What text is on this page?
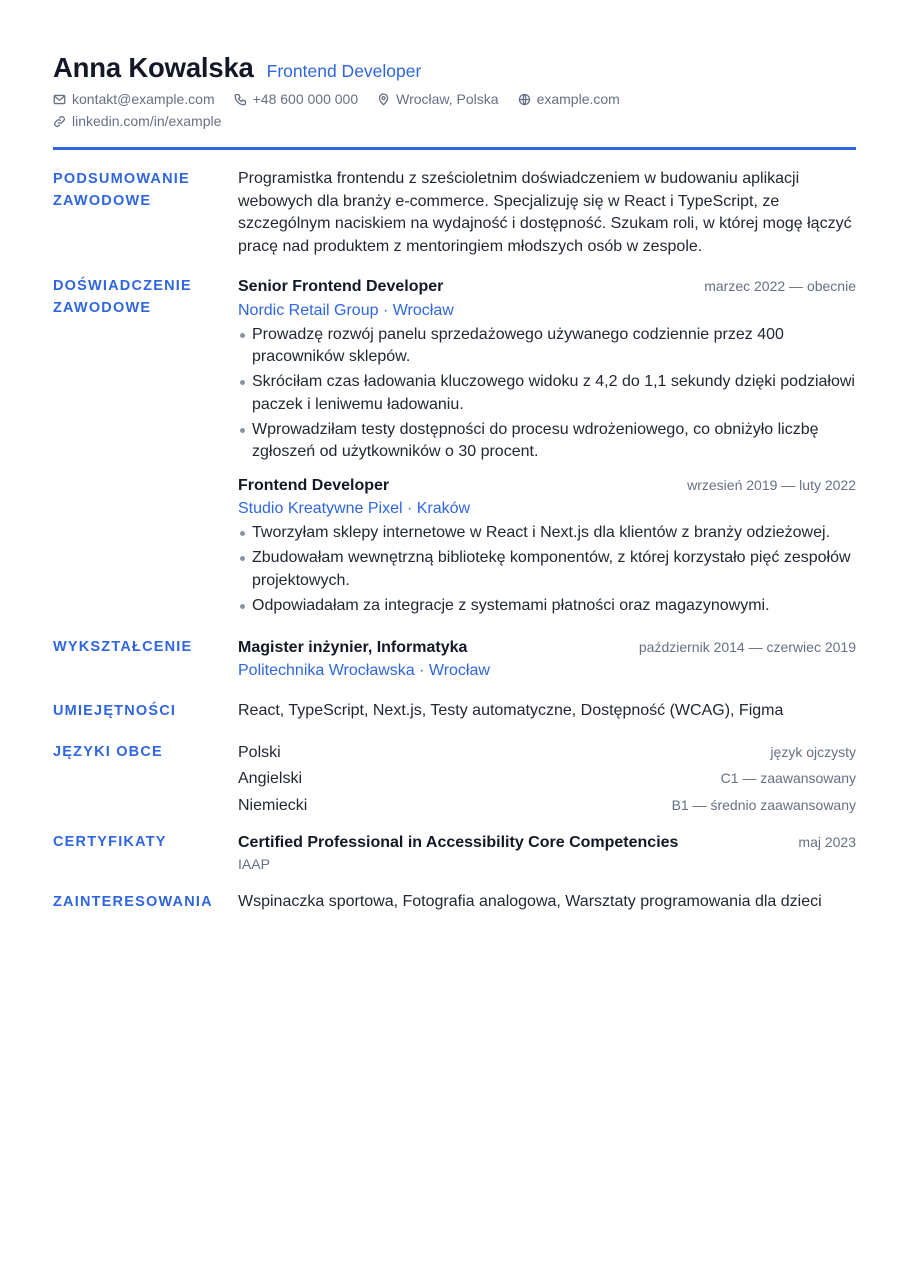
Anna Kowalska Frontend Developer
kontakt@example.com	+48 600 000 000	Wrocław, Polska	example.com
linkedin.com/in/example
PODSUMOWANIE ZAWODOWE

Programistka frontendu z sześcioletnim doświadczeniem w budowaniu aplikacji webowych dla branży e-commerce. Specjalizuję się w React i TypeScript, ze szczególnym naciskiem na wydajność i dostępność. Szukam roli, w której mogę łączyć pracę nad produktem z mentoringiem młodszych osób w zespole.

DOŚWIADCZENIE ZAWODOWE
Senior Frontend Developer	marzec 2022 — obecnie
Nordic Retail Group · Wrocław
Prowadzę rozwój panelu sprzedażowego używanego codziennie przez 400 pracowników sklepów.
Skróciłam czas ładowania kluczowego widoku z 4,2 do 1,1 sekundy dzięki podziałowi paczek i leniwemu ładowaniu.
Wprowadziłam testy dostępności do procesu wdrożeniowego, co obniżyło liczbę zgłoszeń od użytkowników o 30 procent.
Frontend Developer	wrzesień 2019 — luty 2022
Studio Kreatywne Pixel · Kraków
Tworzyłam sklepy internetowe w React i Next.js dla klientów z branży odzieżowej.
Zbudowałam wewnętrzną bibliotekę komponentów, z której korzystało pięć zespołów projektowych.
Odpowiadałam za integracje z systemami płatności oraz magazynowymi.
WYKSZTAŁCENIE	Magister inżynier, Informatyka	październik 2014 — czerwiec 2019
Politechnika Wrocławska · Wrocław
UMIEJĘTNOŚCI	React, TypeScript, Next.js, Testy automatyczne, Dostępność (WCAG), Figma

JĘZYKI OBCE	Polski	język ojczysty
Angielski	C1 — zaawansowany
Niemiecki	B1 — średnio zaawansowany
CERTYFIKATY	Certified Professional in Accessibility Core Competencies	maj 2023
IAAP
ZAINTERESOWANIA	Wspinaczka sportowa, Fotografia analogowa, Warsztaty programowania dla dzieci
